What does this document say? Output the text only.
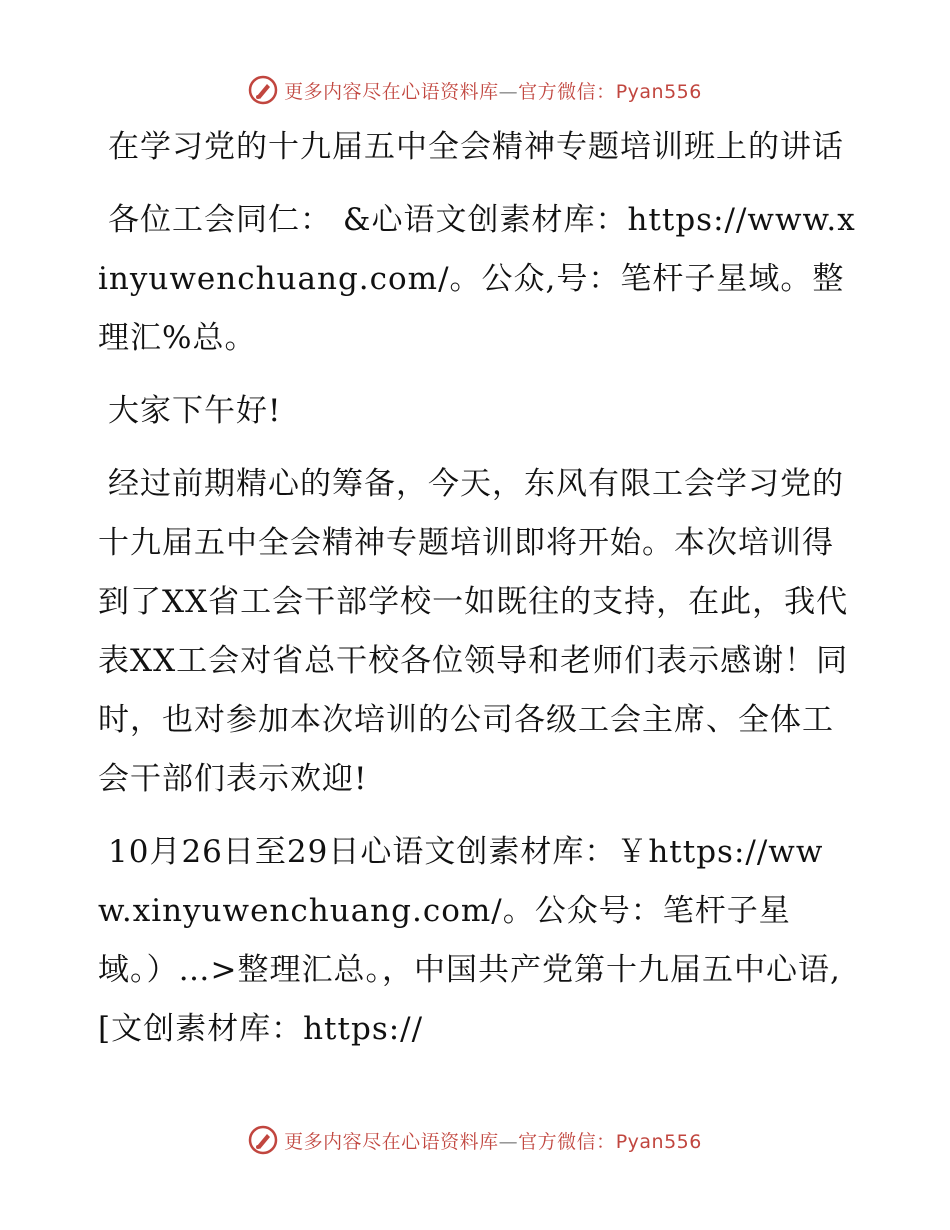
更多内容尽在心语资料库—官方微信：Pyan556

在学习党的十九届五中全会精神专题培训班上的讲话

各位工会同仁： &心语文创素材库：https://www.xinyuwenchuang.com/。公众,号：笔杆子星域。整理汇%总。

大家下午好!

经过前期精心的筹备，今天，东风有限工会学习党的十九届五中全会精神专题培训即将开始。本次培训得到了XX省工会干部学校一如既往的支持，在此，我代表XX工会对省总干校各位领导和老师们表示感谢！同时，也对参加本次培训的公司各级工会主席、全体工会干部们表示欢迎!

10月26日至29日心语文创素材库：￥https://www.xinyuwenchuang.com/。公众号：笔杆子星域。）…>整理汇总。，中国共产党第十九届五中心语,[文创素材库：https://

更多内容尽在心语资料库—官方微信：Pyan556
